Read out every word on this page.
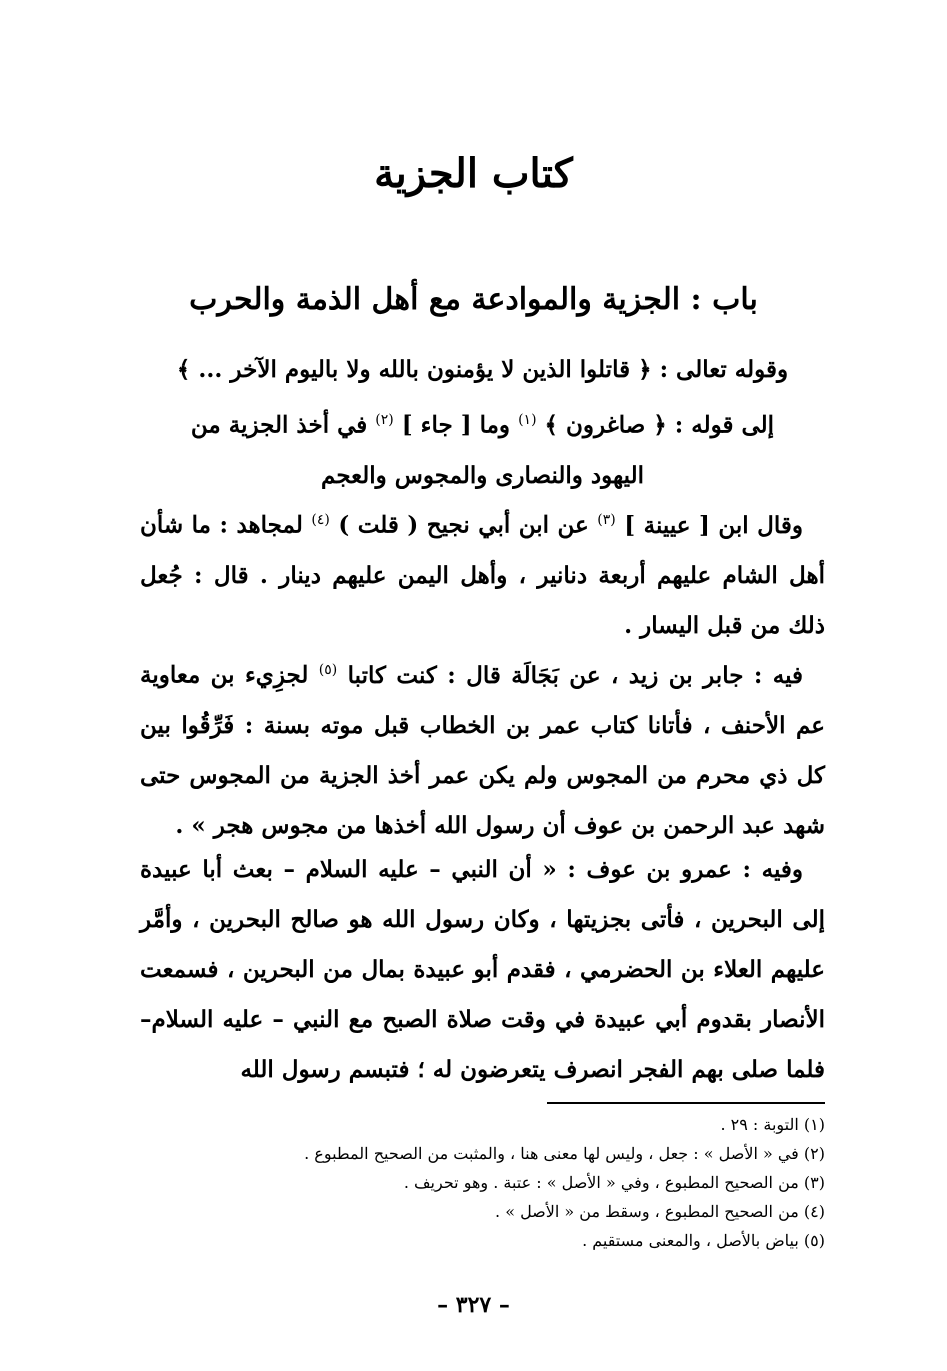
كتاب الجزية
باب : الجزية والموادعة مع أهل الذمة والحرب
وقوله تعالى : ﴿ قاتلوا الذين لا يؤمنون بالله ولا باليوم الآخر ... ﴾
إلى قوله : ﴿ صاغرون ﴾ $^{(١)}$ وما [ جاء ] $^{(٢)}$ في أخذ الجزية من
اليهود والنصارى والمجوس والعجم
وقال ابن [ عيينة ] $^{(٣)}$ عن ابن أبي نجيح ( قلت ) $^{(٤)}$ لمجاهد : ما شأن أهل الشام عليهم أربعة دنانير ، وأهل اليمن عليهم دينار . قال : جُعل ذلك من قبل اليسار .
فيه : جابر بن زيد ، عن بَجَالَة قال : كنت كاتبا $^{(٥)}$ لجزِيء بن معاوية عم الأحنف ، فأتانا كتاب عمر بن الخطاب قبل موته بسنة : فَرِّقُوا بين كل ذي محرم من المجوس ولم يكن عمر أخذ الجزية من المجوس حتى شهد عبد الرحمن بن عوف أن رسول الله أخذها من مجوس هجر » .
وفيه : عمرو بن عوف : « أن النبي – عليه السلام – بعث أبا عبيدة إلى البحرين ، فأتى بجزيتها ، وكان رسول الله هو صالح البحرين ، وأمَّر عليهم العلاء بن الحضرمي ، فقدم أبو عبيدة بمال من البحرين ، فسمعت الأنصار بقدوم أبي عبيدة في وقت صلاة الصبح مع النبي – عليه السلام– فلما صلى بهم الفجر انصرف يتعرضون له ؛ فتبسم رسول الله
(١) التوبة : ٢٩ .
(٢) في « الأصل » : جعل ، وليس لها معنى هنا ، والمثبت من الصحيح المطبوع .
(٣) من الصحيح المطبوع ، وفي « الأصل » : عتبة . وهو تحريف .
(٤) من الصحيح المطبوع ، وسقط من « الأصل » .
(٥) بياض بالأصل ، والمعنى مستقيم .
– ٣٢٧ –
